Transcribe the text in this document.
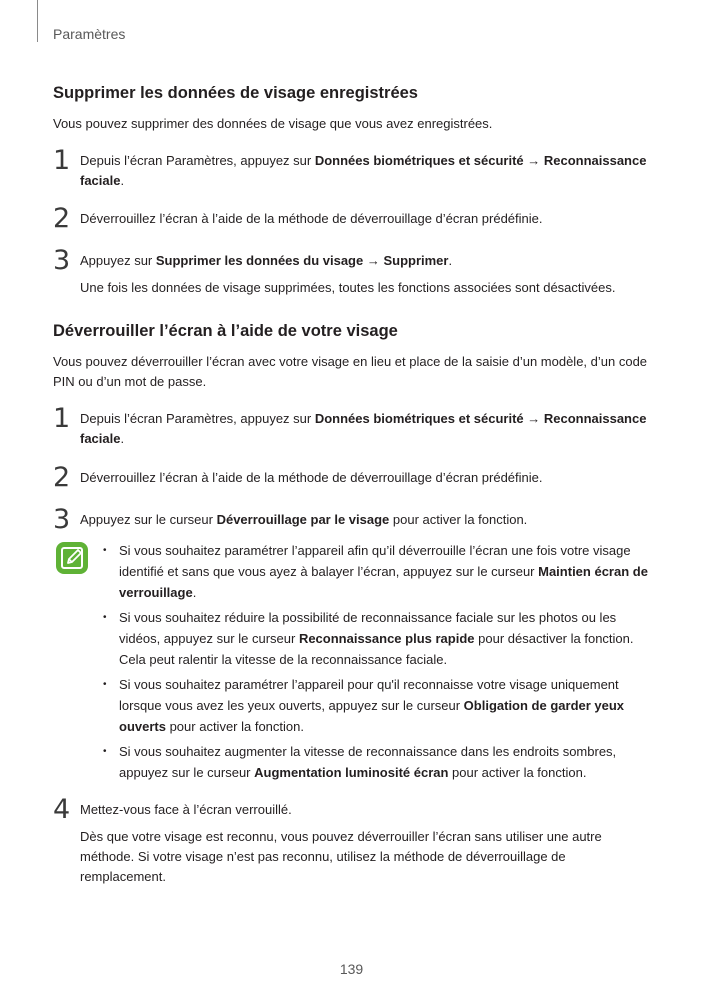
Paramètres
Supprimer les données de visage enregistrées
Vous pouvez supprimer des données de visage que vous avez enregistrées.
1 Depuis l’écran Paramètres, appuyez sur Données biométriques et sécurité → Reconnaissance faciale.
2 Déverrouillez l’écran à l’aide de la méthode de déverrouillage d’écran prédéfinie.
3 Appuyez sur Supprimer les données du visage → Supprimer.
Une fois les données de visage supprimées, toutes les fonctions associées sont désactivées.
Déverrouiller l’écran à l’aide de votre visage
Vous pouvez déverrouiller l’écran avec votre visage en lieu et place de la saisie d’un modèle, d’un code PIN ou d’un mot de passe.
1 Depuis l’écran Paramètres, appuyez sur Données biométriques et sécurité → Reconnaissance faciale.
2 Déverrouillez l’écran à l’aide de la méthode de déverrouillage d’écran prédéfinie.
3 Appuyez sur le curseur Déverrouillage par le visage pour activer la fonction.
• Si vous souhaitez paramétrer l’appareil afin qu’il déverrouille l’écran une fois votre visage identifié et sans que vous ayez à balayer l’écran, appuyez sur le curseur Maintien écran de verrouillage.
• Si vous souhaitez réduire la possibilité de reconnaissance faciale sur les photos ou les vidéos, appuyez sur le curseur Reconnaissance plus rapide pour désactiver la fonction. Cela peut ralentir la vitesse de la reconnaissance faciale.
• Si vous souhaitez paramétrer l’appareil pour qu'il reconnaisse votre visage uniquement lorsque vous avez les yeux ouverts, appuyez sur le curseur Obligation de garder yeux ouverts pour activer la fonction.
• Si vous souhaitez augmenter la vitesse de reconnaissance dans les endroits sombres, appuyez sur le curseur Augmentation luminosité écran pour activer la fonction.
4 Mettez-vous face à l’écran verrouillé.
Dès que votre visage est reconnu, vous pouvez déverrouiller l’écran sans utiliser une autre méthode. Si votre visage n’est pas reconnu, utilisez la méthode de déverrouillage de remplacement.
139
